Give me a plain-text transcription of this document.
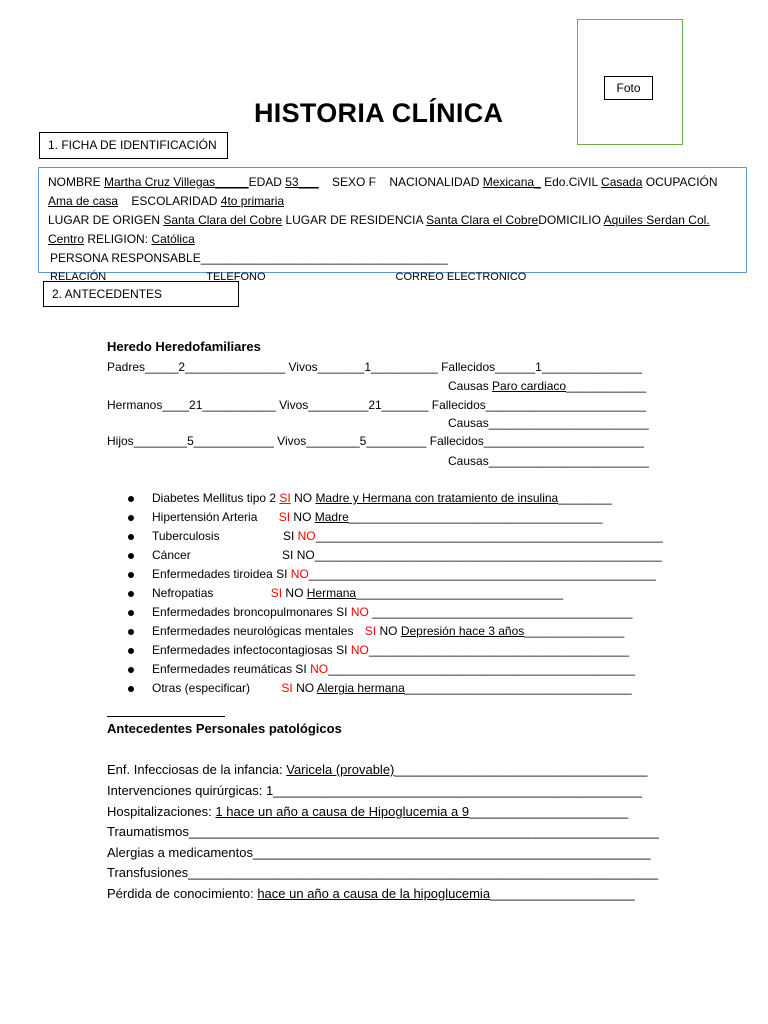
Foto
HISTORIA CLÍNICA
1. FICHA DE IDENTIFICACIÓN
NOMBRE Martha Cruz Villegas_____EDAD 53___ SEXO F NACIONALIDAD Mexicana_ Edo.CiVIL Casada OCUPACIÓN
Ama de casa ESCOLARIDAD 4to primaria
LUGAR DE ORIGEN Santa Clara del Cobre LUGAR DE RESIDENCIA Santa Clara el CobreDOMICILIO Aquiles Serdan Col.
Centro RELIGION: Católica
PERSONA RESPONSABLE_____________________________________
RELACIÓN	TELEFONO	CORREO ELECTRONICO
2. ANTECEDENTES
Heredo Heredofamiliares
Padres_____2_______________ Vivos_______1__________ Fallecidos______1_______________
Causas Paro cardiaco____________
Hermanos____21___________ Vivos_________21_______ Fallecidos________________________
Causas________________________
Hijos________5____________ Vivos________5_________ Fallecidos________________________
Causas________________________
Diabetes Mellitus tipo 2 SI NO Madre y Hermana con tratamiento de insulina________
Hipertensión Arteria SI NO Madre______________________________________
Tuberculosis	SI NO____________________________________________________
Cáncer	SI NO____________________________________________________
Enfermedades tiroidea SI NO____________________________________________________
Nefropatias	SI NO Hermana_______________________________
Enfermedades broncopulmonares SI NO _______________________________________
Enfermedades neurológicas mentales SI NO Depresión hace 3 años_______________
Enfermedades infectocontagiosas SI NO_______________________________________
Enfermedades reumáticas SI NO______________________________________________
Otras (especificar)	SI NO Alergia hermana__________________________________
Antecedentes Personales patológicos
Enf. Infecciosas de la infancia: Varicela (provable)___________________________________
Intervenciones quirúrgicas: 1___________________________________________________
Hospitalizaciones: 1 hace un año a causa de Hipoglucemia a 9______________________
Traumatismos_________________________________________________________________
Alergias a medicamentos_______________________________________________________
Transfusiones_________________________________________________________________
Pérdida de conocimiento: hace un año a causa de la hipoglucemia____________________
